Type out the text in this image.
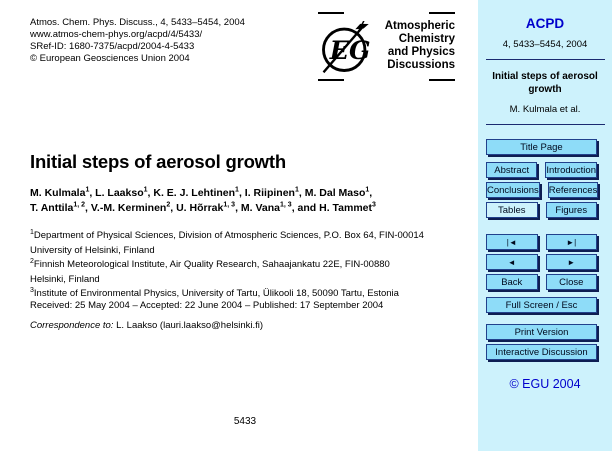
Atmos. Chem. Phys. Discuss., 4, 5433–5454, 2004
www.atmos-chem-phys.org/acpd/4/5433/
SRef-ID: 1680-7375/acpd/2004-4-5433
© European Geosciences Union 2004	EG
Atmospheric
Chemistry
and Physics
Discussions
Initial steps of aerosol growth
M. Kulmala$^1$, L. Laakso$^1$, K. E. J. Lehtinen$^1$, I. Riipinen$^1$, M. Dal Maso$^1$,
T. Anttila$^{1, 2}$, V.-M. Kerminen$^2$, U. Hõrrak$^{1, 3}$, M. Vana$^{1, 3}$, and H. Tammet$^3$
$^1$Department of Physical Sciences, Division of Atmospheric Sciences, P.O. Box 64, FIN-00014
University of Helsinki, Finland
$^2$Finnish Meteorological Institute, Air Quality Research, Sahaajankatu 22E, FIN-00880
Helsinki, Finland
$^3$Institute of Environmental Physics, University of Tartu, Ülikooli 18, 50090 Tartu, Estonia
Received: 25 May 2004 – Accepted: 22 June 2004 – Published: 17 September 2004
Correspondence to: L. Laakso (lauri.laakso@helsinki.fi)
5433
ACPD
4, 5433–5454, 2004
Initial steps of aerosol growth
M. Kulmala et al.
Title Page
Abstract	Introduction
Conclusions References
Tables	Figures
|◄	►|
◄	►
Back	Close
Full Screen / Esc
Print Version
Interactive Discussion
© EGU 2004
